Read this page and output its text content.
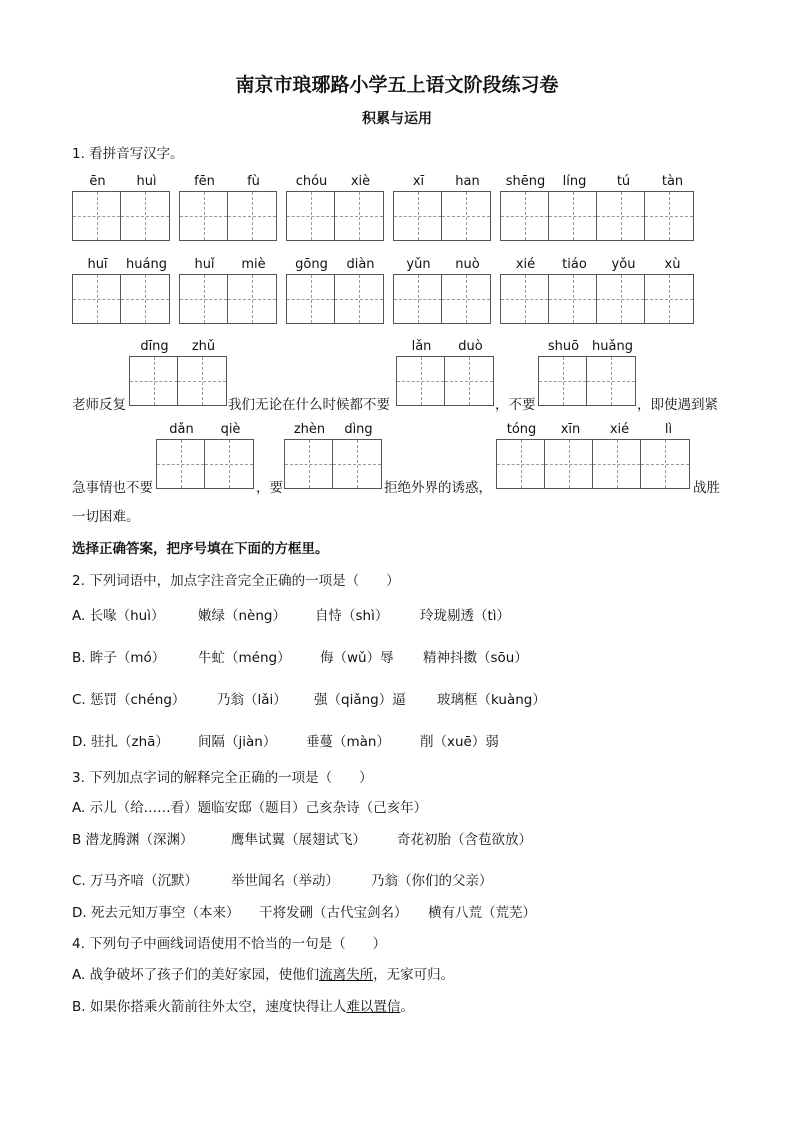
南京市琅琊路小学五上语文阶段练习卷
积累与运用
1. 看拼音写汉字。
ēn	huì	fēn	fù	chóu	xiè	xī	han	shēng	líng	tú	tàn
huī	huáng	huǐ	miè	gōng	diàn	yǔn	nuò	xié	tiáo	yǒu	xù
老师反复
dīng	zhǔ
我们无论在什么时候都不要
lǎn	duò
，不要
shuō huǎng
，即使遇到紧
急事情也不要
dǎn	qiè
，要
zhèn	dìng
拒绝外界的诱惑，
tóng	xīn	xié	lì
战胜
一切困难。
选择正确答案，把序号填在下面的方框里。
2. 下列词语中，加点字注音完全正确的一项是（　　）
A. 长喙（huì） 嫩绿（nèng） 自恃（shì） 玲珑剔透（tì）
B. 眸子（mó） 牛虻（méng） 侮（wǔ）辱 精神抖擞（sōu）
C. 惩罚（chéng） 乃翁（lǎi） 强（qiǎng）逼 玻璃框（kuàng）
D. 驻扎（zhā） 间隔（jiàn） 垂蔓（màn） 削（xuē）弱
3. 下列加点字词的解释完全正确的一项是（　　）
A. 示儿（给……看）题临安邸（题目）己亥杂诗（己亥年）
B 潜龙腾渊（深渊）	鹰隼试翼（展翅试飞） 奇花初胎（含苞欲放）
C. 万马齐喑（沉默） 举世闻名（举动） 乃翁（你们的父亲）
D. 死去元知万事空（本来） 干将发硎（古代宝剑名） 横有八荒（荒芜）
4. 下列句子中画线词语使用不恰当的一句是（　　）
A. 战争破坏了孩子们的美好家园，使他们流离失所，无家可归。
B. 如果你搭乘火箭前往外太空，速度快得让人难以置信。
